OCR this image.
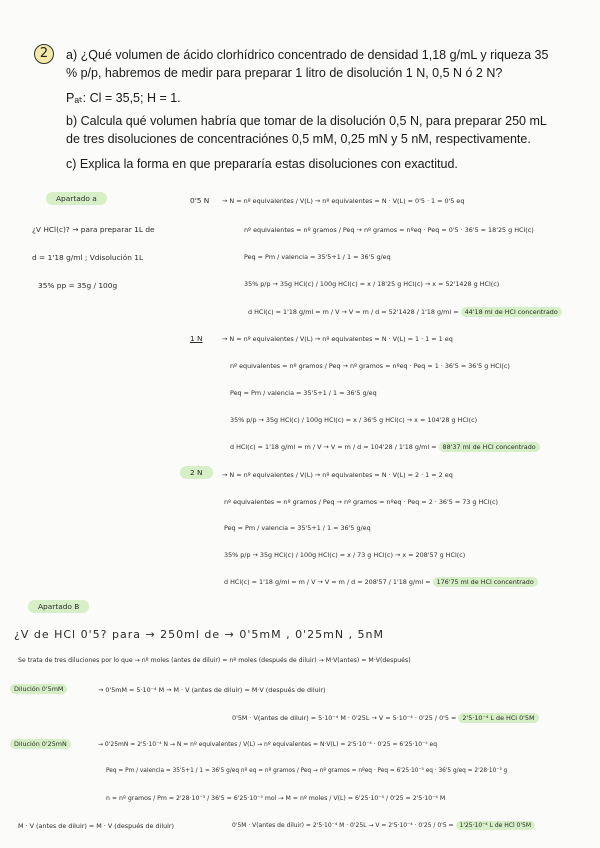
2	a) ¿Qué volumen de ácido clorhídrico concentrado de densidad 1,18 g/mL y riqueza 35
% p/p, habremos de medir para preparar 1 litro de disolución 1 N, 0,5 N ó 2 N?
Pₐₜ: Cl = 35,5; H = 1.
b) Calcula qué volumen habría que tomar de la disolución 0,5 N, para preparar 250 mL
de tres disoluciones de concentraciónes 0,5 mM, 0,25 mN y 5 nM, respectivamente.
c) Explica la forma en que prepararía estas disoluciones con exactitud.
Apartado a
¿V HCl(c)? → para preparar 1L de
d = 1'18 g/ml ; Vdisolución 1L
35% pp = 35g / 100g
0'5 N → N = nº equivalentes / V(L) → nº equivalentes = N · V(L) = 0'5 · 1 = 0'5 eq
nº equivalentes = nº gramos / Peq → nº gramos = nºeq · Peq = 0'5 · 36'5 = 18'25 g HCl(c)
Peq = Pm / valencia = 35'5+1 / 1 = 36'5 g/eq
35% p/p → 35g HCl(c) / 100g HCl(c) = x / 18'25 g HCl(c) → x = 52'1428 g HCl(c)
d HCl(c) = 1'18 g/ml = m / V → V = m / d = 52'1428 / 1'18 g/ml = 44'18 ml de HCl concentrado
1 N	→ N = nº equivalentes / V(L) → nº equivalentes = N · V(L) = 1 · 1 = 1 eq
nº equivalentes = nº gramos / Peq → nº gramos = nºeq · Peq = 1 · 36'5 = 36'5 g HCl(c)
Peq = Pm / valencia = 35'5+1 / 1 = 36'5 g/eq
35% p/p → 35g HCl(c) / 100g HCl(c) = x / 36'5 g HCl(c) → x = 104'28 g HCl(c)
d HCl(c) = 1'18 g/ml = m / V → V = m / d = 104'28 / 1'18 g/ml = 88'37 ml de HCl concentrado
2 N	→ N = nº equivalentes / V(L) → nº equivalentes = N · V(L) = 2 · 1 = 2 eq
nº equivalentes = nº gramos / Peq → nº gramos = nºeq · Peq = 2 · 36'5 = 73 g HCl(c)
Peq = Pm / valencia = 35'5+1 / 1 = 36'5 g/eq
35% p/p → 35g HCl(c) / 100g HCl(c) = x / 73 g HCl(c) → x = 208'57 g HCl(c)
d HCl(c) = 1'18 g/ml = m / V → V = m / d = 208'57 / 1'18 g/ml = 176'75 ml de HCl concentrado
Apartado B
¿V de HCl 0'5? para → 250ml de → 0'5mM , 0'25mN , 5nM
Se trata de tres diluciones por lo que → nº moles (antes de diluir) = nº moles (después de diluir) → M·V(antes) = M·V(después)
Dilución 0'5mM	→ 0'5mM = 5·10⁻⁴ M → M · V (antes de diluir) = M·V (después de diluir)
0'5M · V(antes de diluir) = 5·10⁻⁴ M · 0'25L → V = 5·10⁻⁴ · 0'25 / 0'5 = 2'5·10⁻⁴ L de HCl 0'5M
Dilución 0'25mN	→ 0'25mN = 2'5·10⁻⁴ N → N = nº equivalentes / V(L) → nº equivalentes = N·V(L) = 2'5·10⁻⁴ · 0'25 = 6'25·10⁻⁵ eq
Peq = Pm / valencia = 35'5+1 / 1 = 36'5 g/eq nº eq = nº gramos / Peq → nº gramos = nºeq · Peq = 6'25·10⁻⁵ eq · 36'5 g/eq = 2'28·10⁻³ g
n = nº gramos / Pm = 2'28·10⁻³ / 36'5 = 6'25·10⁻⁵ mol → M = nº moles / V(L) = 6'25·10⁻⁵ / 0'25 = 2'5·10⁻⁴ M
M · V (antes de diluir) = M · V (después de diluir)	0'5M · V(antes de diluir) = 2'5·10⁻⁴ M · 0'25L → V = 2'5·10⁻⁴ · 0'25 / 0'5 = 1'25·10⁻⁴ L de HCl 0'5M
